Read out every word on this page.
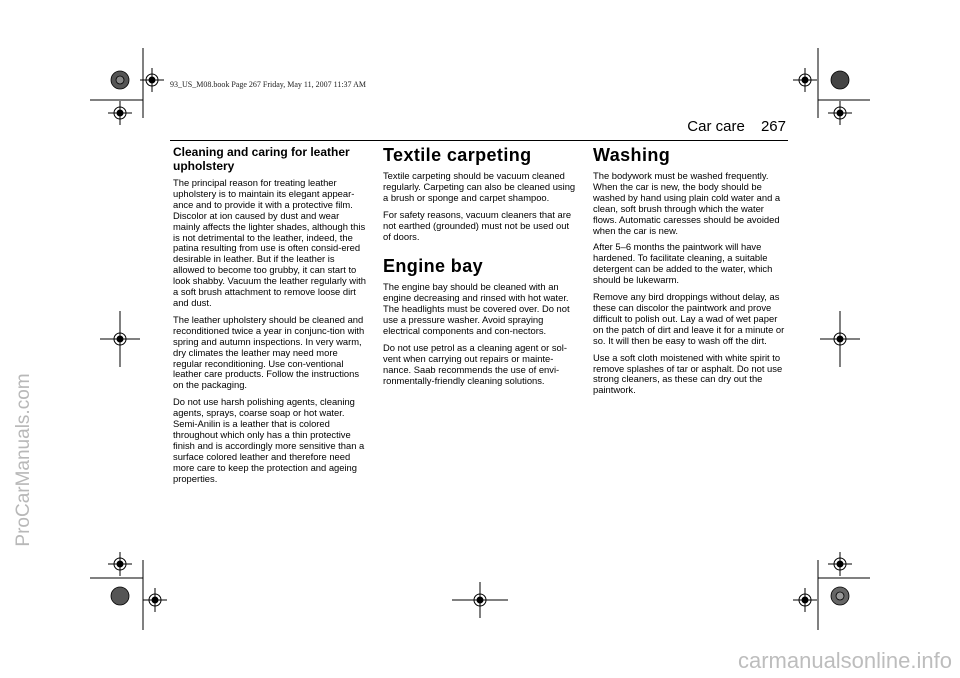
ProCarManuals.com
93_US_M08.book Page 267 Friday, May 11, 2007 11:37 AM
Car care 267
Cleaning and caring for leather upholstery

The principal reason for treating leather upholstery is to maintain its elegant appear-ance and to provide it with a protective film. Discolor at ion caused by dust and wear mainly affects the lighter shades, although this is not detrimental to the leather, indeed, the patina resulting from use is often consid-ered desirable in leather. But if the leather is allowed to become too grubby, it can start to look shabby. Vacuum the leather regularly with a soft brush attachment to remove loose dirt and dust.

The leather upholstery should be cleaned and reconditioned twice a year in conjunc-tion with spring and autumn inspections. In very warm, dry climates the leather may need more regular reconditioning. Use con-ventional leather care products. Follow the instructions on the packaging.

Do not use harsh polishing agents, cleaning agents, sprays, coarse soap or hot water. Semi-Anilin is a leather that is colored throughout which only has a thin protective finish and is accordingly more sensitive than a surface colored leather and therefore need more care to keep the protection and ageing properties.

Textile carpeting

Textile carpeting should be vacuum cleaned regularly. Carpeting can also be cleaned using a brush or sponge and carpet shampoo.

For safety reasons, vacuum cleaners that are not earthed (grounded) must not be used out of doors.

Engine bay

The engine bay should be cleaned with an engine decreasing and rinsed with hot water. The headlights must be covered over. Do not use a pressure washer. Avoid spraying electrical components and con-nectors.

Do not use petrol as a cleaning agent or sol-vent when carrying out repairs or mainte-nance. Saab recommends the use of envi-ronmentally-friendly cleaning solutions.

Washing

The bodywork must be washed frequently. When the car is new, the body should be washed by hand using plain cold water and a clean, soft brush through which the water flows. Automatic caresses should be avoided when the car is new.

After 5–6 months the paintwork will have hardened. To facilitate cleaning, a suitable detergent can be added to the water, which should be lukewarm.

Remove any bird droppings without delay, as these can discolor the paintwork and prove difficult to polish out. Lay a wad of wet paper on the patch of dirt and leave it for a minute or so. It will then be easy to wash off the dirt.

Use a soft cloth moistened with white spirit to remove splashes of tar or asphalt. Do not use strong cleaners, as these can dry out the paintwork.

carmanualsonline.info
